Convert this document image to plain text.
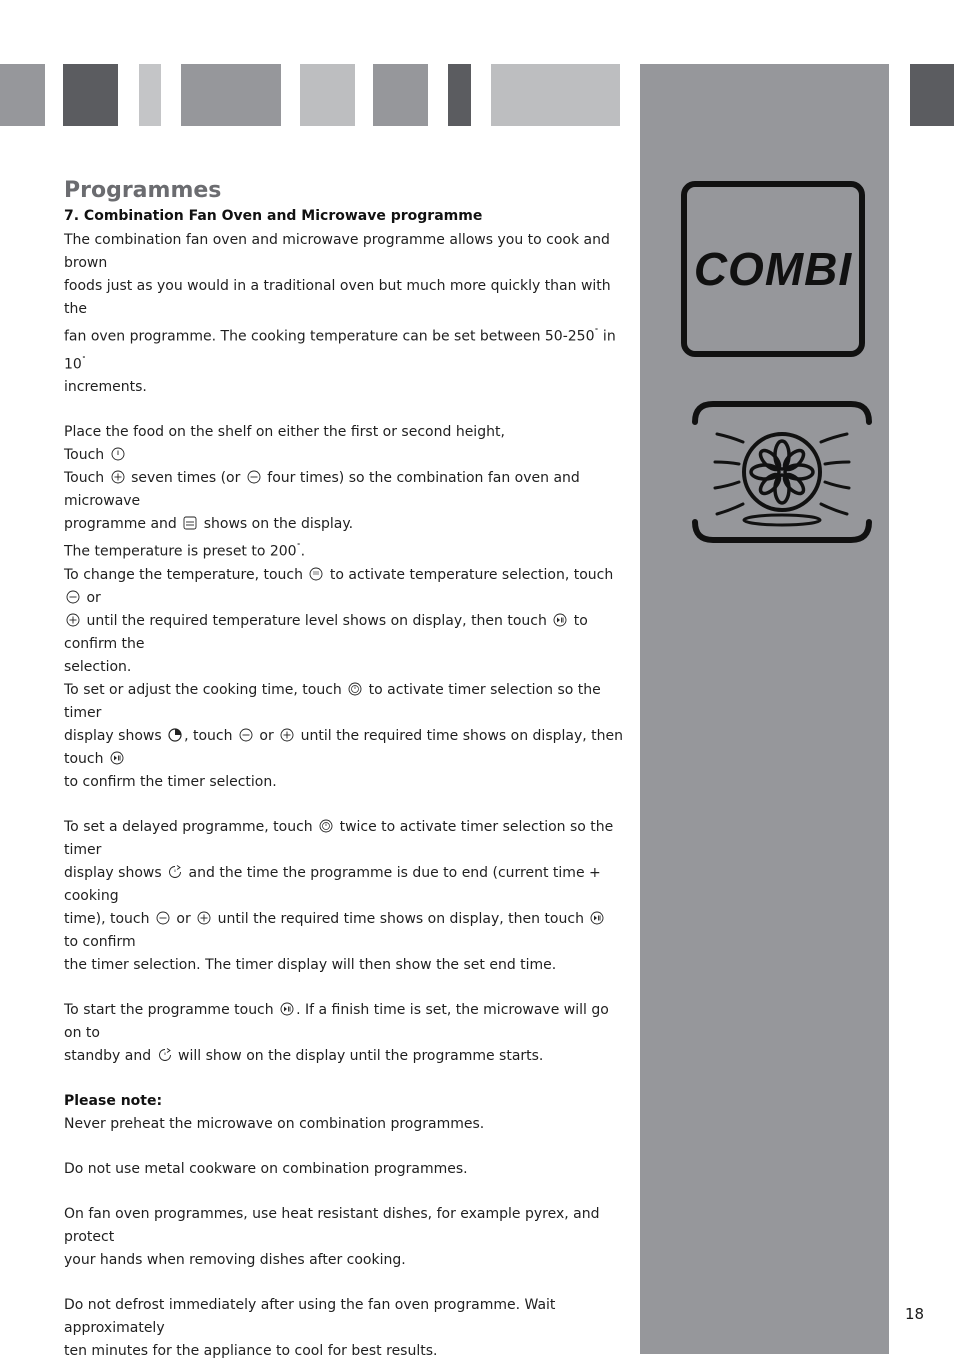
COMBI
Programmes
7. Combination Fan Oven and Microwave programme

The combination fan oven and microwave programme allows you to cook and brown

foods just as you would in a traditional oven but much more quickly than with the

fan oven programme. The cooking temperature can be set between 50-250˚ in 10˚

increments.

Place the food on the shelf on either the first or second height,

Touch

Touch seven times (or four times) so the combination fan oven and microwave

programme and shows on the display.

The temperature is preset to 200˚.

To change the temperature, touch to activate temperature selection, touch  or

until the required temperature level shows on display, then touch to confirm the

selection.

To set or adjust the cooking time, touch to activate timer selection so the timer

display shows , touch or until the required time shows on display, then touch

to confirm the timer selection.

To set a delayed programme, touch twice to activate timer selection so the timer

display shows and the time the programme is due to end (current time + cooking

time), touch or until the required time shows on display, then touch  to confirm

the timer selection. The timer display will then show the set end time.

To start the programme touch . If a finish time is set, the microwave will go on to

standby and will show on the display until the programme starts.

Please note:

Never preheat the microwave on combination programmes.

Do not use metal cookware on combination programmes.

On fan oven programmes, use heat resistant dishes, for example pyrex, and protect

your hands when removing dishes after cooking.

Do not defrost immediately after using the fan oven programme. Wait approximately

ten minutes for the appliance to cool for best results.

18
